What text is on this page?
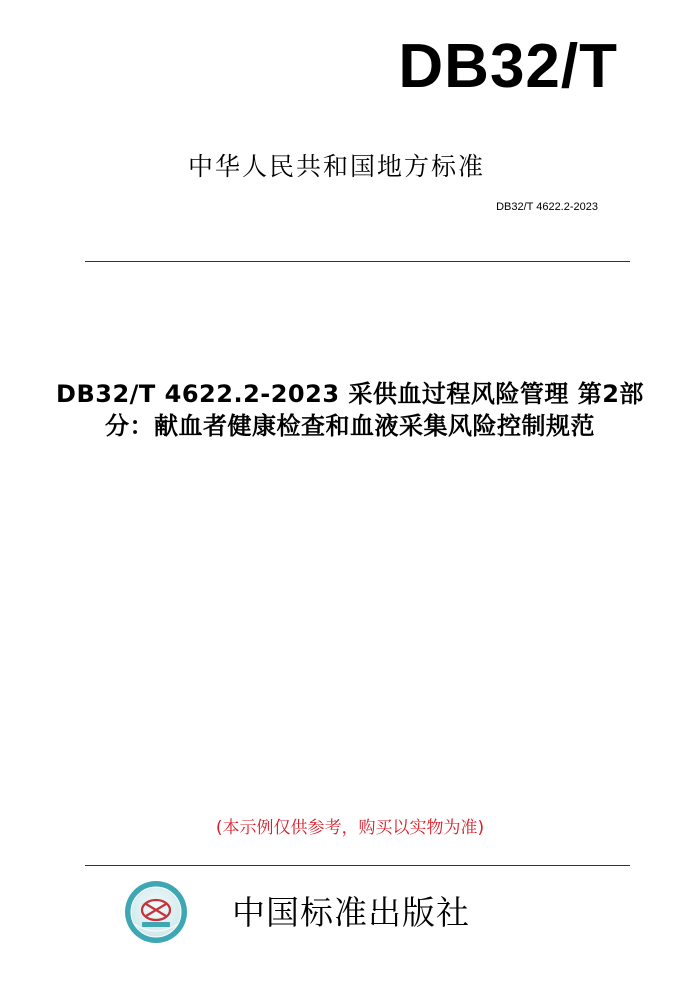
DB32/T
中华人民共和国地方标准
DB32/T 4622.2-2023
DB32/T 4622.2-2023 采供血过程风险管理 第2部
分：献血者健康检查和血液采集风险控制规范
(本示例仅供参考，购买以实物为准)
中国标准出版社
